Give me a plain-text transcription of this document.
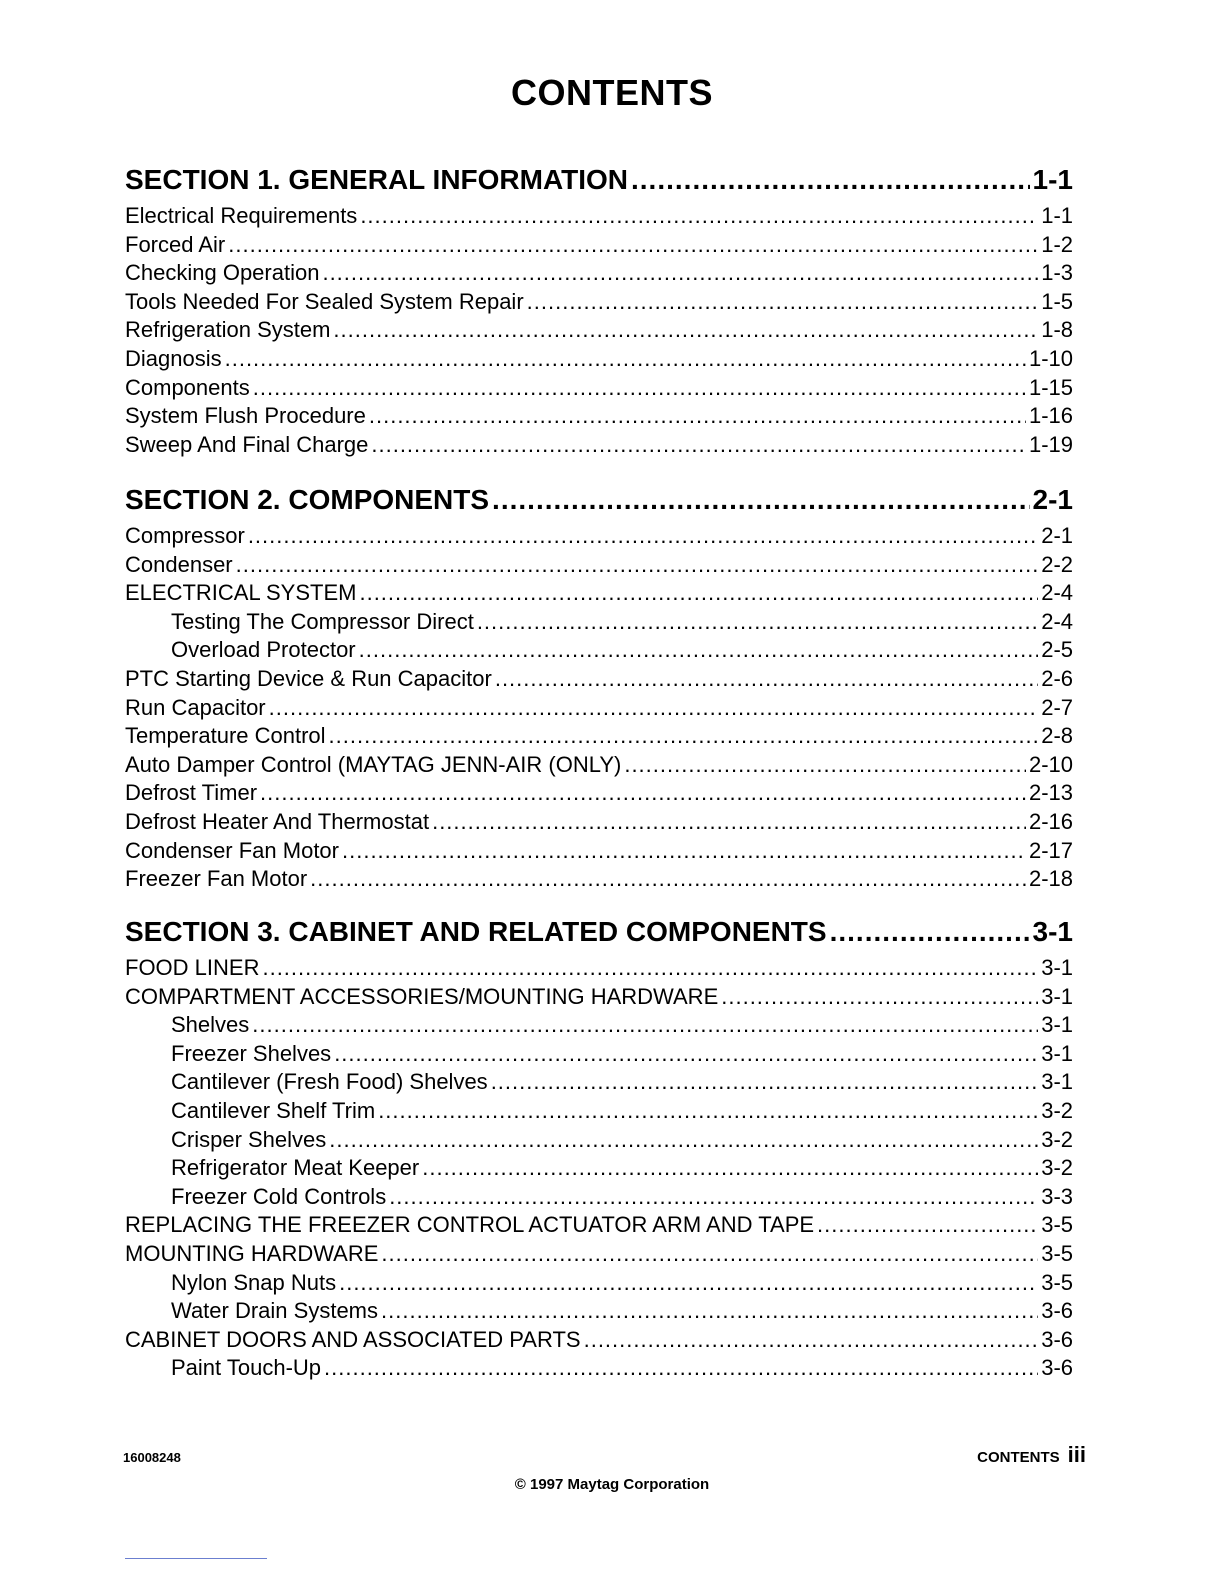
CONTENTS
SECTION 1. GENERAL INFORMATION .....	1-1
Electrical Requirements .....	1-1
Forced Air .....	1-2
Checking Operation .....	1-3
Tools Needed For Sealed System Repair .....	1-5
Refrigeration System .....	1-8
Diagnosis .....	1-10
Components .....	1-15
System Flush Procedure .....	1-16
Sweep And Final Charge .....	1-19
SECTION 2. COMPONENTS .....	2-1
Compressor .....	2-1
Condenser .....	2-2
ELECTRICAL SYSTEM .....	2-4
Testing The Compressor Direct .....	2-4
Overload Protector .....	2-5
PTC Starting Device & Run Capacitor .....	2-6
Run Capacitor .....	2-7
Temperature Control .....	2-8
Auto Damper Control (MAYTAG JENN-AIR (ONLY) .....	2-10
Defrost Timer .....	2-13
Defrost Heater And Thermostat .....	2-16
Condenser Fan Motor .....	2-17
Freezer Fan Motor .....	2-18
SECTION 3. CABINET AND RELATED COMPONENTS .....	3-1
FOOD LINER .....	3-1
COMPARTMENT ACCESSORIES/MOUNTING HARDWARE .....	3-1
Shelves .....	3-1
Freezer Shelves .....	3-1
Cantilever (Fresh Food) Shelves .....	3-1
Cantilever Shelf Trim .....	3-2
Crisper Shelves .....	3-2
Refrigerator Meat Keeper .....	3-2
Freezer Cold Controls .....	3-3
REPLACING THE FREEZER CONTROL ACTUATOR ARM AND TAPE .....	3-5
MOUNTING HARDWARE .....	3-5
Nylon Snap Nuts .....	3-5
Water Drain Systems .....	3-6
CABINET DOORS AND ASSOCIATED PARTS .....	3-6
Paint Touch-Up .....	3-6
16008248	CONTENTS iii
© 1997 Maytag Corporation
